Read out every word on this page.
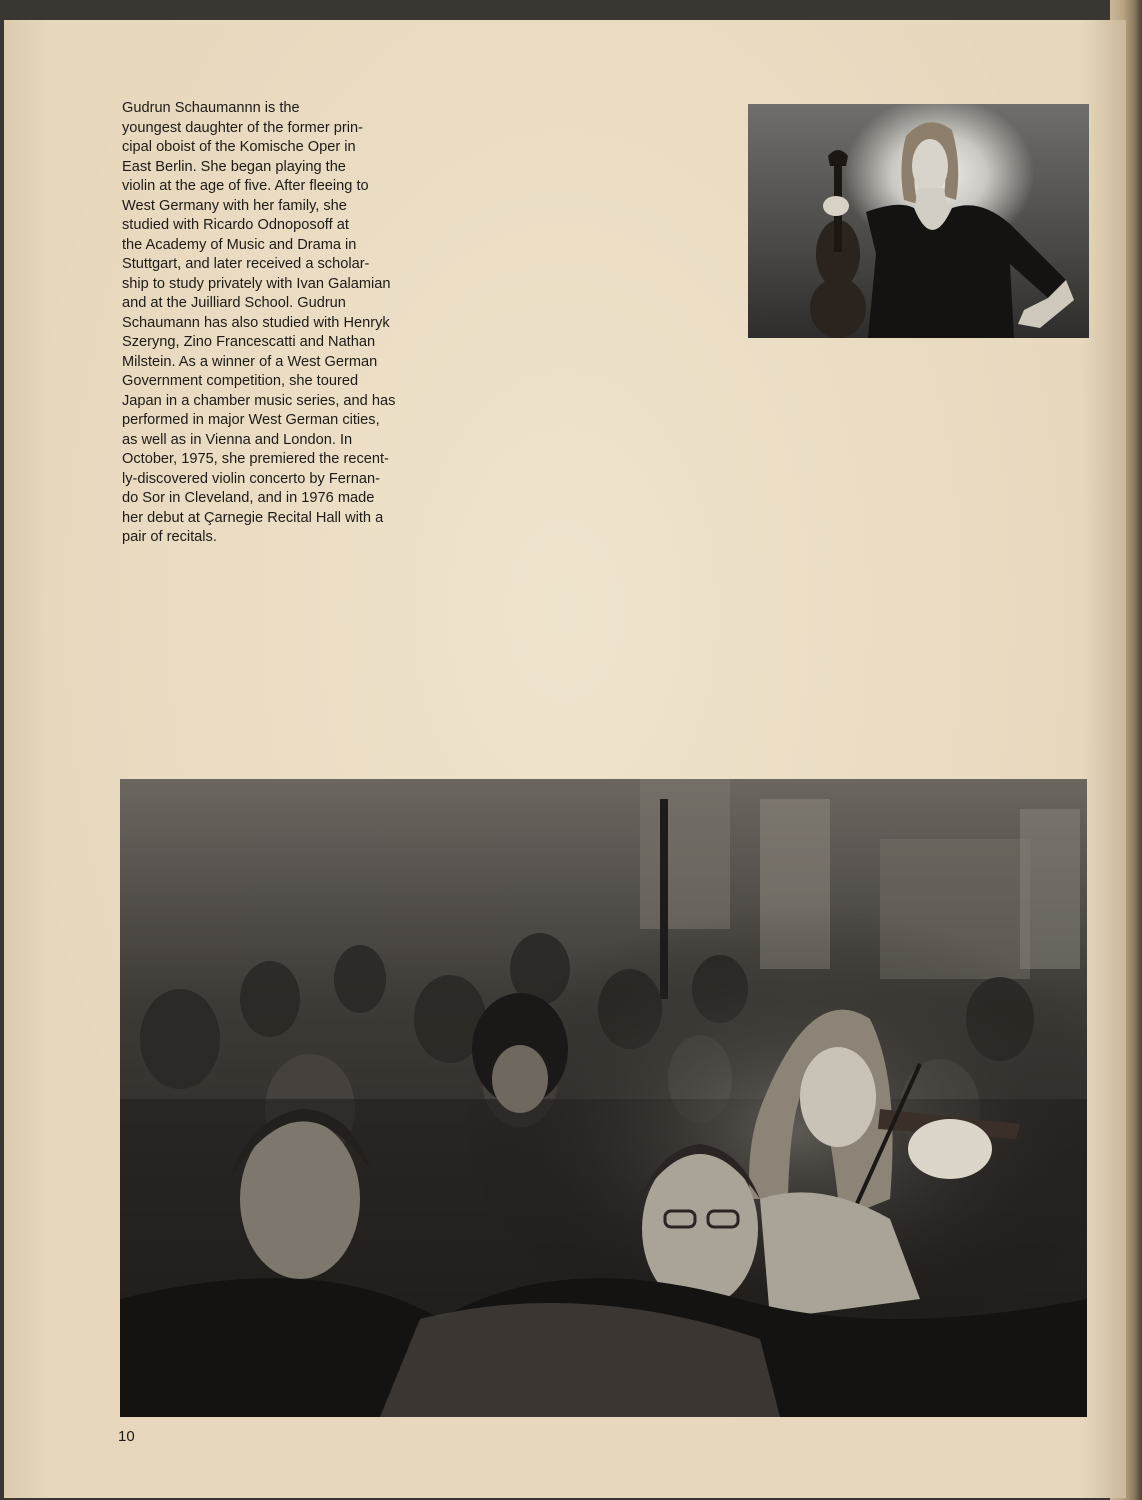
Gudrun Schaumannn is the
youngest daughter of the former prin-
cipal oboist of the Komische Oper in
East Berlin. She began playing the
violin at the age of five. After fleeing to
West Germany with her family, she
studied with Ricardo Odnoposoff at
the Academy of Music and Drama in
Stuttgart, and later received a scholar-
ship to study privately with Ivan Galamian
and at the Juilliard School. Gudrun
Schaumann has also studied with Henryk
Szeryng, Zino Francescatti and Nathan
Milstein. As a winner of a West German
Government competition, she toured
Japan in a chamber music series, and has
performed in major West German cities,
as well as in Vienna and London. In
October, 1975, she premiered the recent-
ly-discovered violin concerto by Fernan-
do Sor in Cleveland, and in 1976 made
her debut at Çarnegie Recital Hall with a
pair of recitals.

10
